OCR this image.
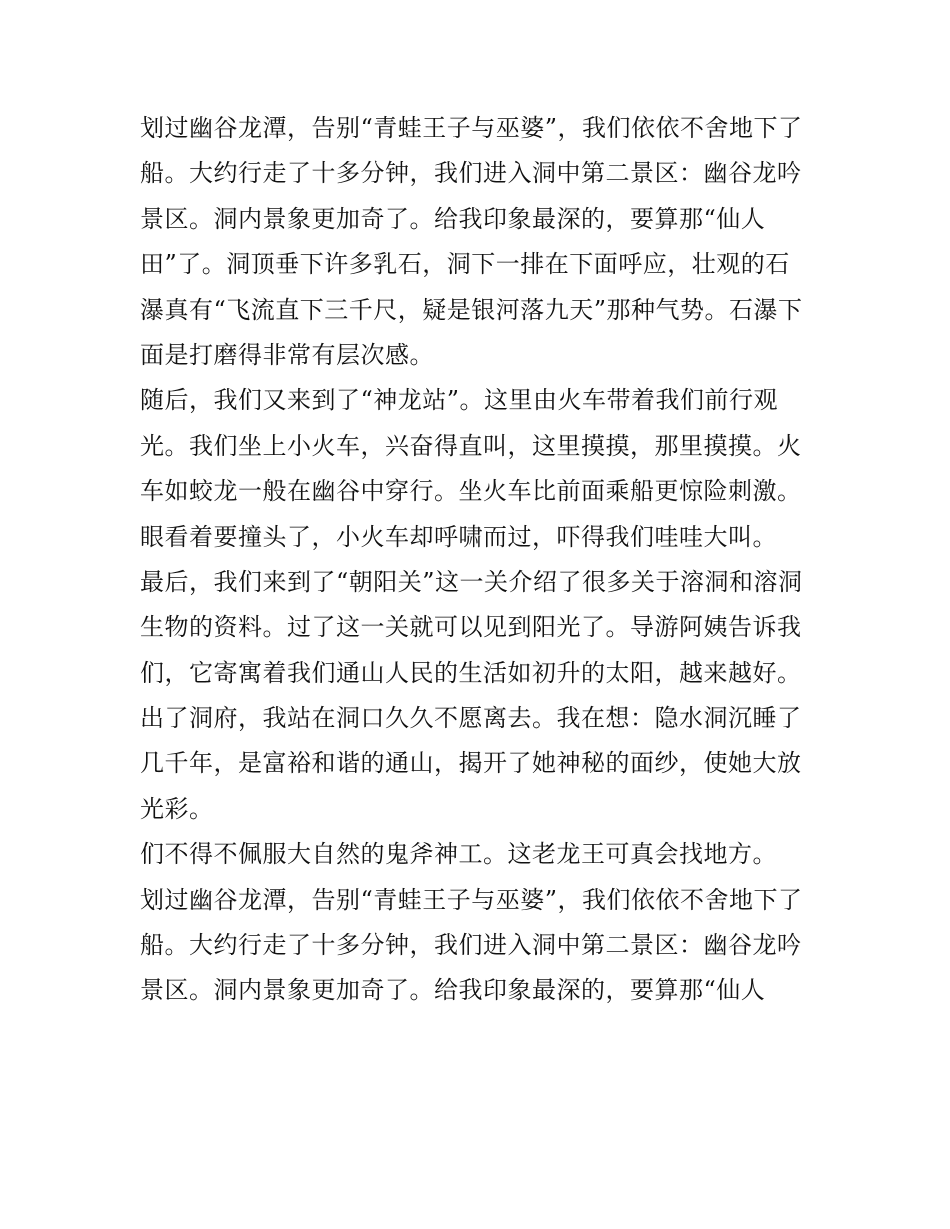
划过幽谷龙潭，告别“青蛙王子与巫婆”，我们依依不舍地下了
船。大约行走了十多分钟，我们进入洞中第二景区：幽谷龙吟
景区。洞内景象更加奇了。给我印象最深的，要算那“仙人
田”了。洞顶垂下许多乳石，洞下一排在下面呼应，壮观的石
瀑真有“飞流直下三千尺，疑是银河落九天”那种气势。石瀑下
面是打磨得非常有层次感。
随后，我们又来到了“神龙站”。这里由火车带着我们前行观
光。我们坐上小火车，兴奋得直叫，这里摸摸，那里摸摸。火
车如蛟龙一般在幽谷中穿行。坐火车比前面乘船更惊险刺激。
眼看着要撞头了，小火车却呼啸而过，吓得我们哇哇大叫。
最后，我们来到了“朝阳关”这一关介绍了很多关于溶洞和溶洞
生物的资料。过了这一关就可以见到阳光了。导游阿姨告诉我
们，它寄寓着我们通山人民的生活如初升的太阳，越来越好。
出了洞府，我站在洞口久久不愿离去。我在想：隐水洞沉睡了
几千年，是富裕和谐的通山，揭开了她神秘的面纱，使她大放
光彩。
们不得不佩服大自然的鬼斧神工。这老龙王可真会找地方。
划过幽谷龙潭，告别“青蛙王子与巫婆”，我们依依不舍地下了
船。大约行走了十多分钟，我们进入洞中第二景区：幽谷龙吟
景区。洞内景象更加奇了。给我印象最深的，要算那“仙人
